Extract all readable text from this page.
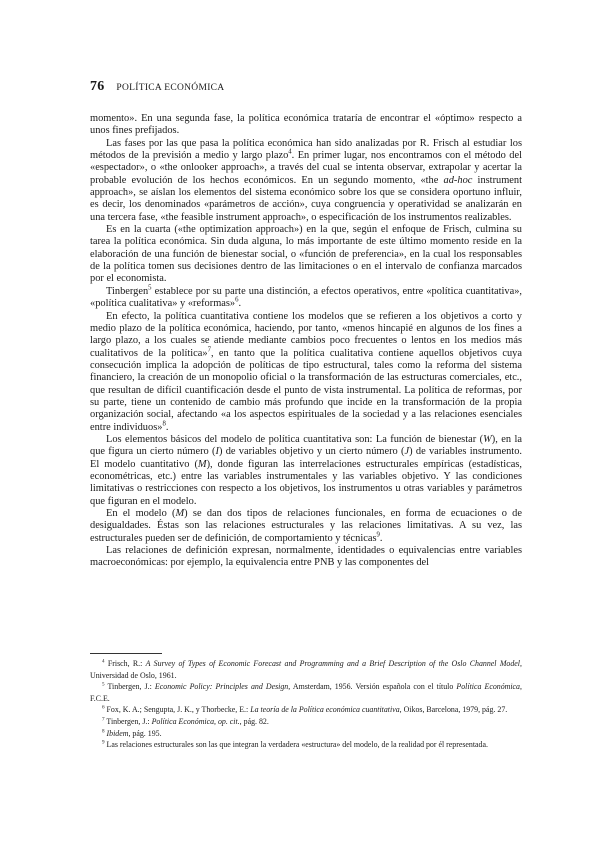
76 POLÍTICA ECONÓMICA

momento». En una segunda fase, la política económica trataría de encontrar el «óptimo» respecto a unos fines prefijados.

Las fases por las que pasa la política económica han sido analizadas por R. Frisch al estudiar los métodos de la previsión a medio y largo plazo$^4$. En primer lugar, nos encontramos con el método del «espectador», o «the onlooker approach», a través del cual se intenta observar, extrapolar y acertar la probable evolución de los hechos económicos. En un segundo momento, «the ad-hoc instrument approach», se aíslan los elementos del sistema económico sobre los que se considera oportuno influir, es decir, los denominados «parámetros de acción», cuya congruencia y operatividad se analizarán en una tercera fase, «the feasible instrument approach», o especificación de los instrumentos realizables.

Es en la cuarta («the optimization approach») en la que, según el enfoque de Frisch, culmina su tarea la política económica. Sin duda alguna, lo más importante de este último momento reside en la elaboración de una función de bienestar social, o «función de preferencia», en la cual los responsables de la política tomen sus decisiones dentro de las limitaciones o en el intervalo de confianza marcados por el economista.

Tinbergen$^5$ establece por su parte una distinción, a efectos operativos, entre «política cuantitativa», «política cualitativa» y «reformas»$^6$.

En efecto, la política cuantitativa contiene los modelos que se refieren a los objetivos a corto y medio plazo de la política económica, haciendo, por tanto, «menos hincapié en algunos de los fines a largo plazo, a los cuales se atiende mediante cambios poco frecuentes o lentos en los medios más cualitativos de la política»$^7$, en tanto que la política cualitativa contiene aquellos objetivos cuya consecución implica la adopción de políticas de tipo estructural, tales como la reforma del sistema financiero, la creación de un monopolio oficial o la transformación de las estructuras comerciales, etc., que resultan de difícil cuantificación desde el punto de vista instrumental. La política de reformas, por su parte, tiene un contenido de cambio más profundo que incide en la transformación de la propia organización social, afectando «a los aspectos espirituales de la sociedad y a las relaciones esenciales entre individuos»$^8$.

Los elementos básicos del modelo de política cuantitativa son: La función de bienestar (W), en la que figura un cierto número (I) de variables objetivo y un cierto número (J) de variables instrumento. El modelo cuantitativo (M), donde figuran las interrelaciones estructurales empíricas (estadísticas, econométricas, etc.) entre las variables instrumentales y las variables objetivo. Y las condiciones limitativas o restricciones con respecto a los objetivos, los instrumentos u otras variables y parámetros que figuran en el modelo.

En el modelo (M) se dan dos tipos de relaciones funcionales, en forma de ecuaciones o de desigualdades. Éstas son las relaciones estructurales y las relaciones limitativas. A su vez, las estructurales pueden ser de definición, de comportamiento y técnicas$^9$.

Las relaciones de definición expresan, normalmente, identidades o equivalencias entre variables macroeconómicas: por ejemplo, la equivalencia entre PNB y las componentes del

$^4$ Frisch, R.: A Survey of Types of Economic Forecast and Programming and a Brief Description of the Oslo Channel Model, Universidad de Oslo, 1961.

$^5$ Tinbergen, J.: Economic Policy: Principles and Design, Amsterdam, 1956. Versión española con el título Política Económica, F.C.E.

$^6$ Fox, K. A.; Sengupta, J. K., y Thorbecke, E.: La teoría de la Política económica cuantitativa, Oikos, Barcelona, 1979, pág. 27.

$^7$ Tinbergen, J.: Política Económica, op. cit., pág. 82.

$^8$ Ibidem, pág. 195.

$^9$ Las relaciones estructurales son las que integran la verdadera «estructura» del modelo, de la realidad por él representada.
